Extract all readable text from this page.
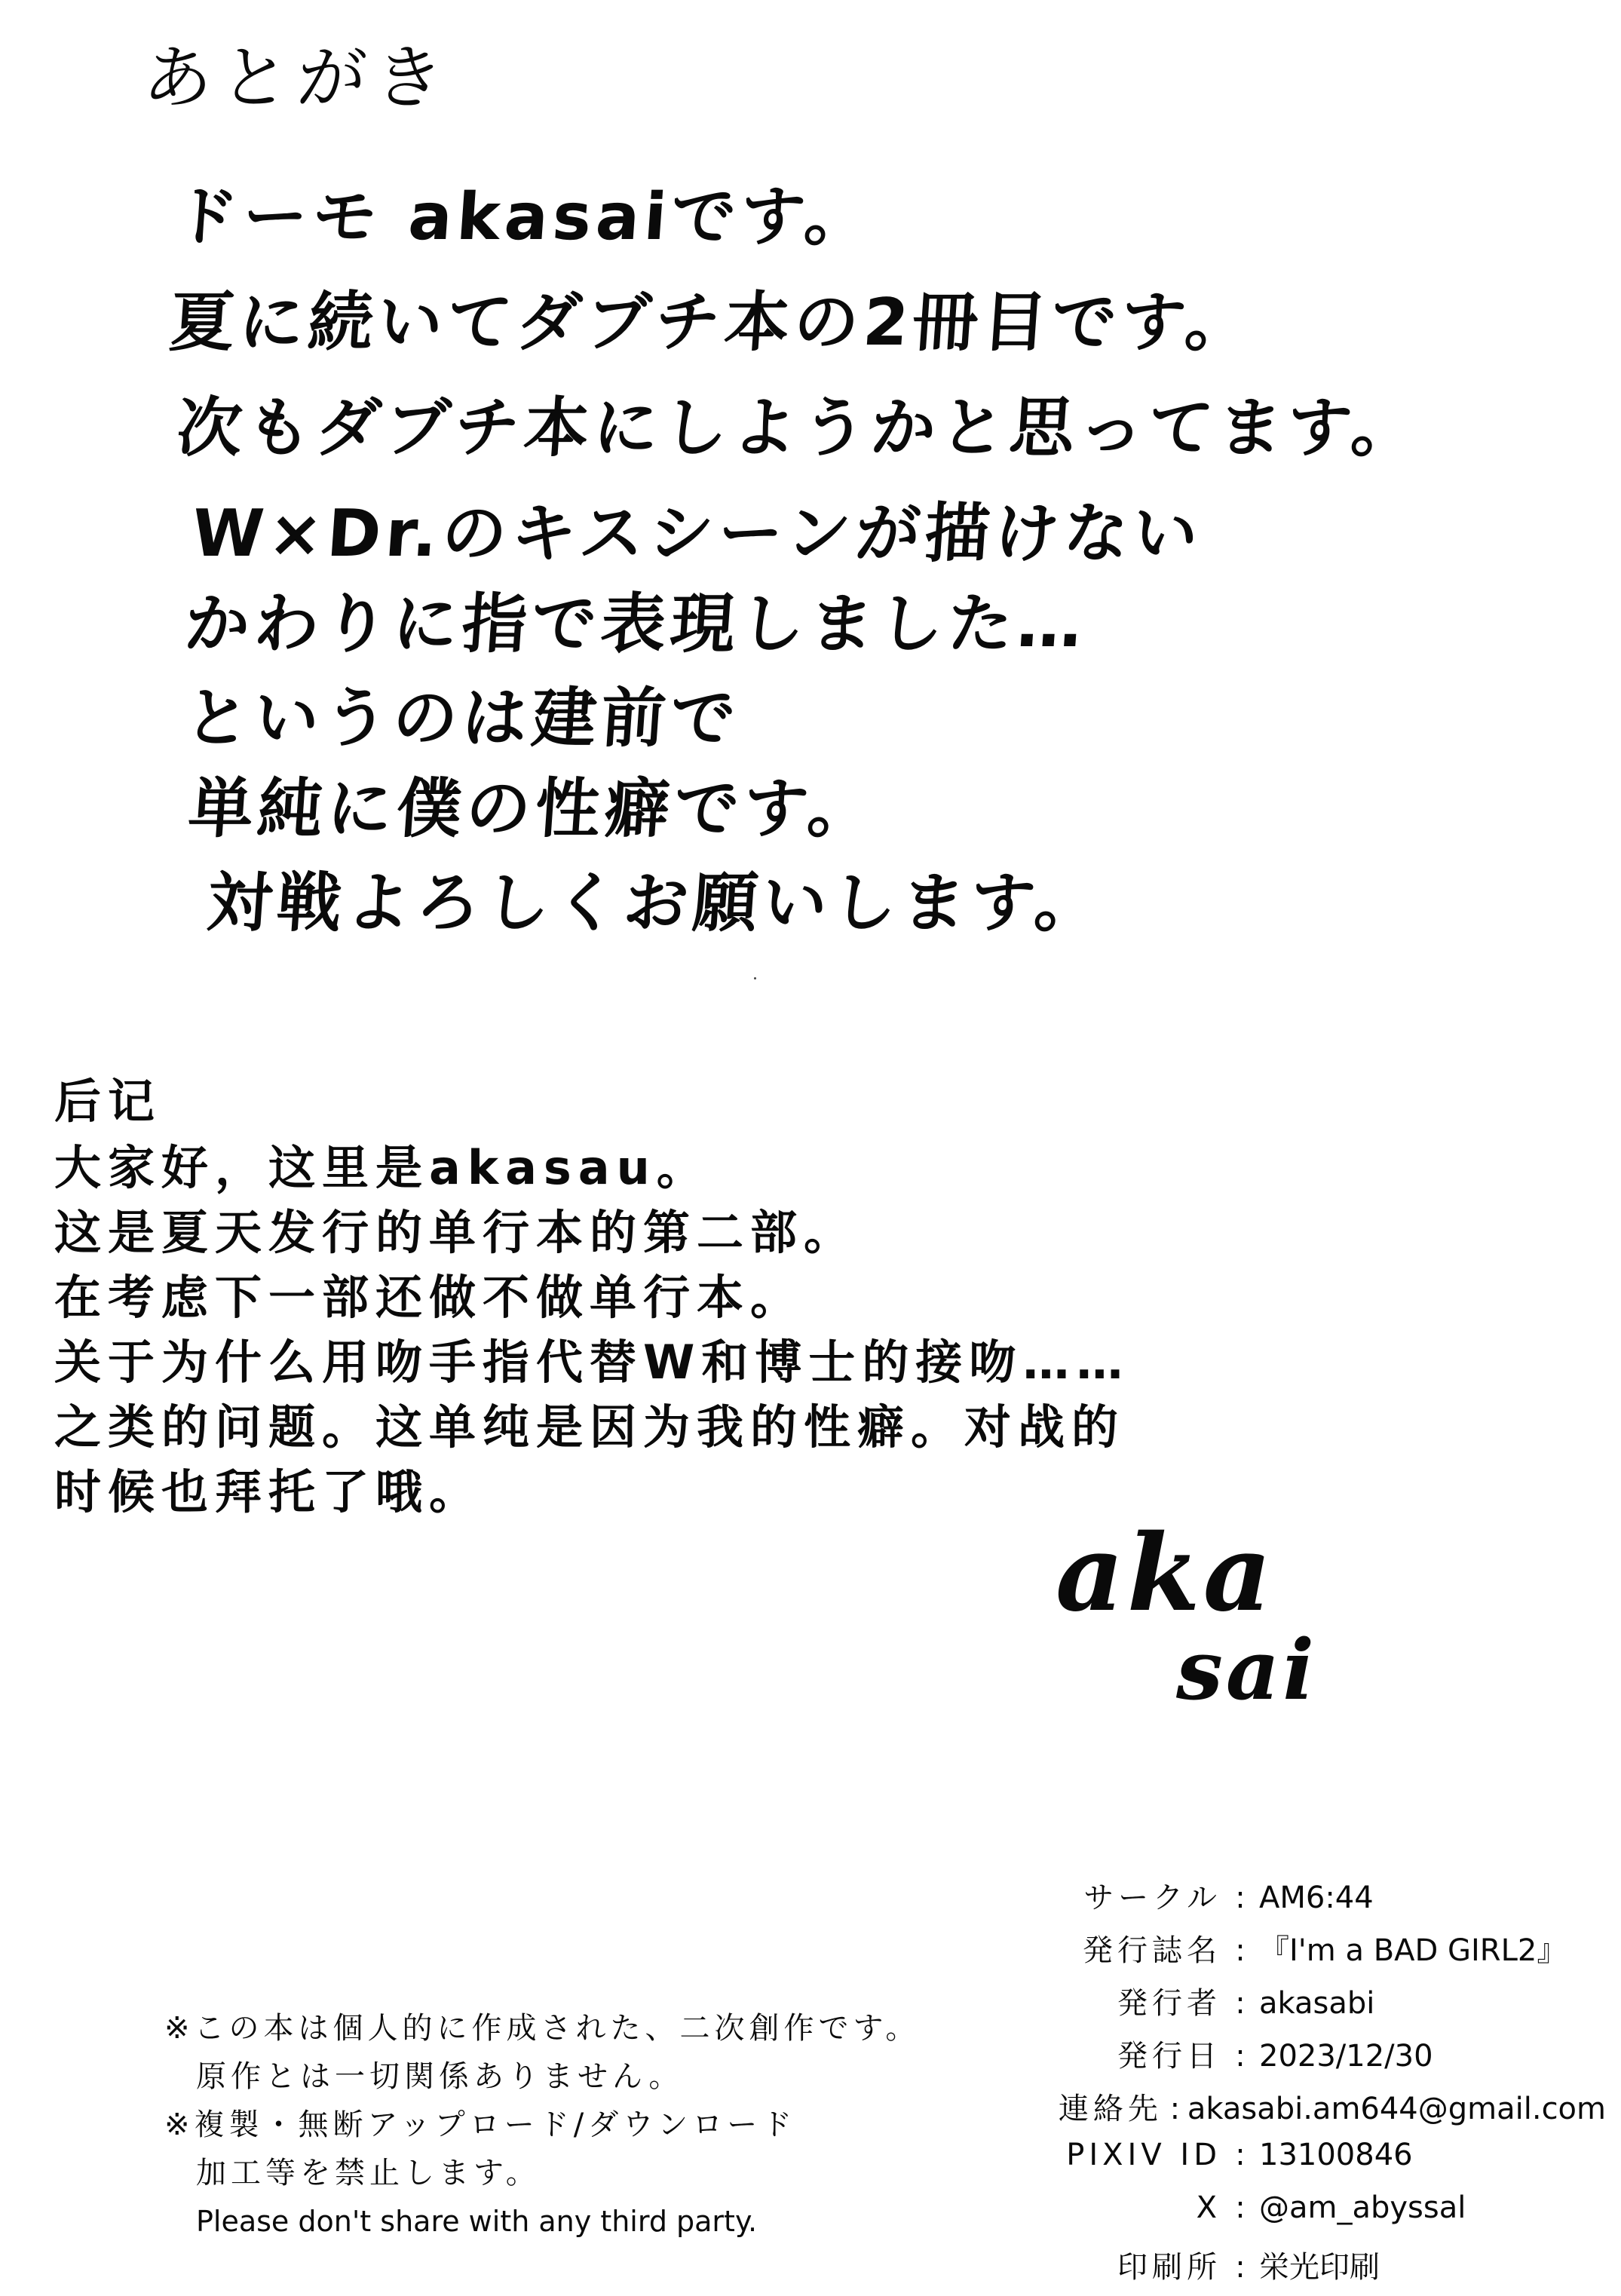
あとがき
ドーモ akasaiです。
夏に続いてダブチ本の2冊目です。
次もダブチ本にしようかと思ってます。
W×Dr.のキスシーンが描けない
かわりに指で表現しました…
というのは建前で
単純に僕の性癖です。
対戦よろしくお願いします。
后记
大家好，这里是akasau。
这是夏天发行的单行本的第二部。
在考虑下一部还做不做单行本。
关于为什么用吻手指代替W和博士的接吻……
之类的问题。这单纯是因为我的性癖。对战的
时候也拜托了哦。
aka
sai
※この本は個人的に作成された、二次創作です。
原作とは一切関係ありません。
※複製・無断アップロード/ダウンロード
加工等を禁止します。
Please don't share with any third party.
サークル : AM6:44
発行誌名 : 『I'm a BAD GIRL2』
発行者 : akasabi
発行日 : 2023/12/30
連絡先 : akasabi.am644@gmail.com
PIXIV ID : 13100846
X : @am_abyssal
印刷所 : 栄光印刷
